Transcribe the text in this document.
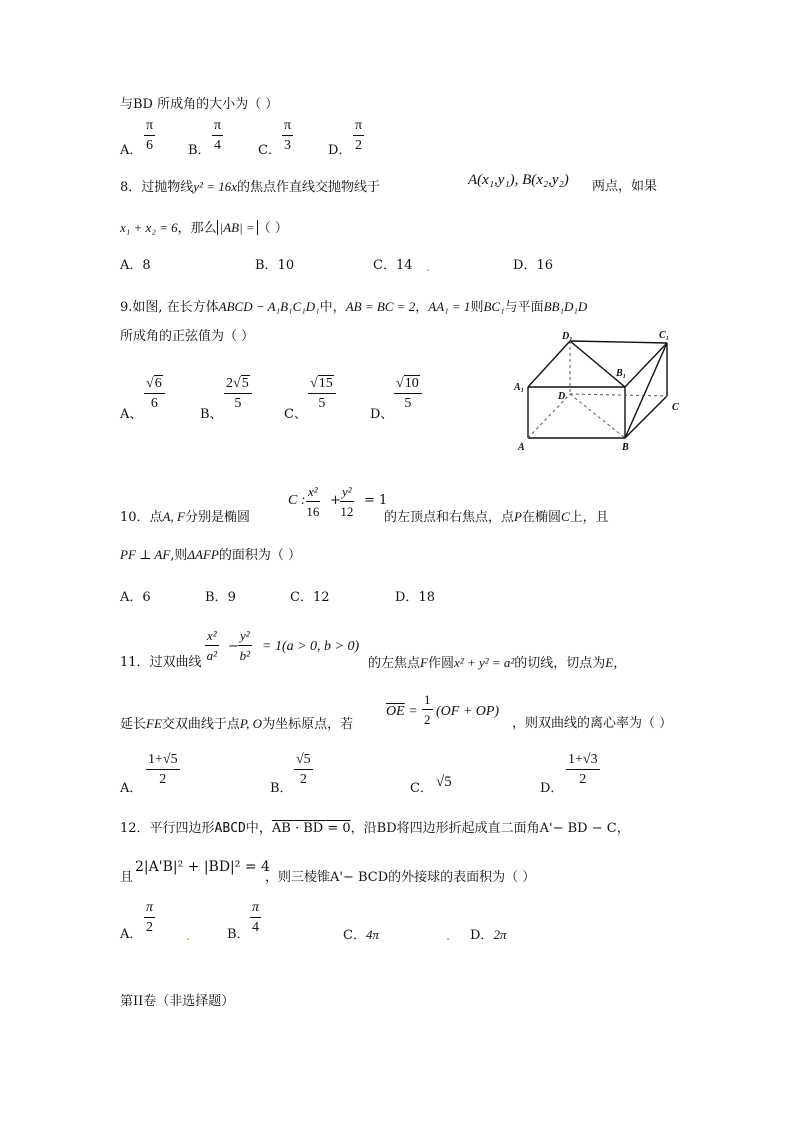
与BD 所成角的大小为（ ）
A． $\frac{\pi}{6}$	B． $\frac{\pi}{4}$	C． $\frac{\pi}{3}$	D． $\frac{\pi}{2}$
8．过抛物线y² = 16x的焦点作直线交抛物线于	A(x₁,y₁), B(x₂,y₂) 两点，如果
x₁ + x₂ = 6，那么 |AB| = （ ）
A．8	B．10	C．14 .	D．16
9.如图, 在长方体ABCD − A₁B₁C₁D₁中，AB = BC = 2，AA₁ = 1则BC₁与平面BB₁D₁D
所成角的正弦值为（ ）
A、
$\frac{√6}{6}$
B、
$\frac{2√5}{5}$
C、
$\frac{√15}{5}$
D、
$\frac{√10}{5}$
D₁	C₁
B₁
A₁
D
C
A	B
10．点A, F分别是椭圆
C : $\frac{\text{x²}}{16} + \frac{\text{y²}}{12} = 1$
的左顶点和右焦点，点P在椭圆C上，且
PF ⊥ AF,则ΔAFP的面积为（ ）
A．6	B．9	C．12	D．18
11．过双曲线 $\frac{\text{x²}}{\text{a²}} - \frac{\text{y²}}{\text{b²}} = 1(a > 0$, b > 0)
的左焦点F作圆x² + y² = a²的切线，切点为E，
延长FE交双曲线于点P, O为坐标原点，若
$\overline{OE} = \frac{1}{2} (OF + OP)$
，则双曲线的离心率为（ ）
A．
$\frac{1+√5}{2}$
B．
$\frac{√5}{2}$
C． √5	D．
$\frac{1+√3}{2}$
12．平行四边形ABCD中，AB · BD = 0，沿BD将四边形折起成直二面角A'− BD − C，
且
2|A'B|² + |BD|² = 4
，则三棱锥A'− BCD的外接球的表面积为（ ）
A． $\frac{\pi}{2}$
.	B． $\frac{\pi}{4}$	C．4π	. D．2π
第II卷（非选择题）
